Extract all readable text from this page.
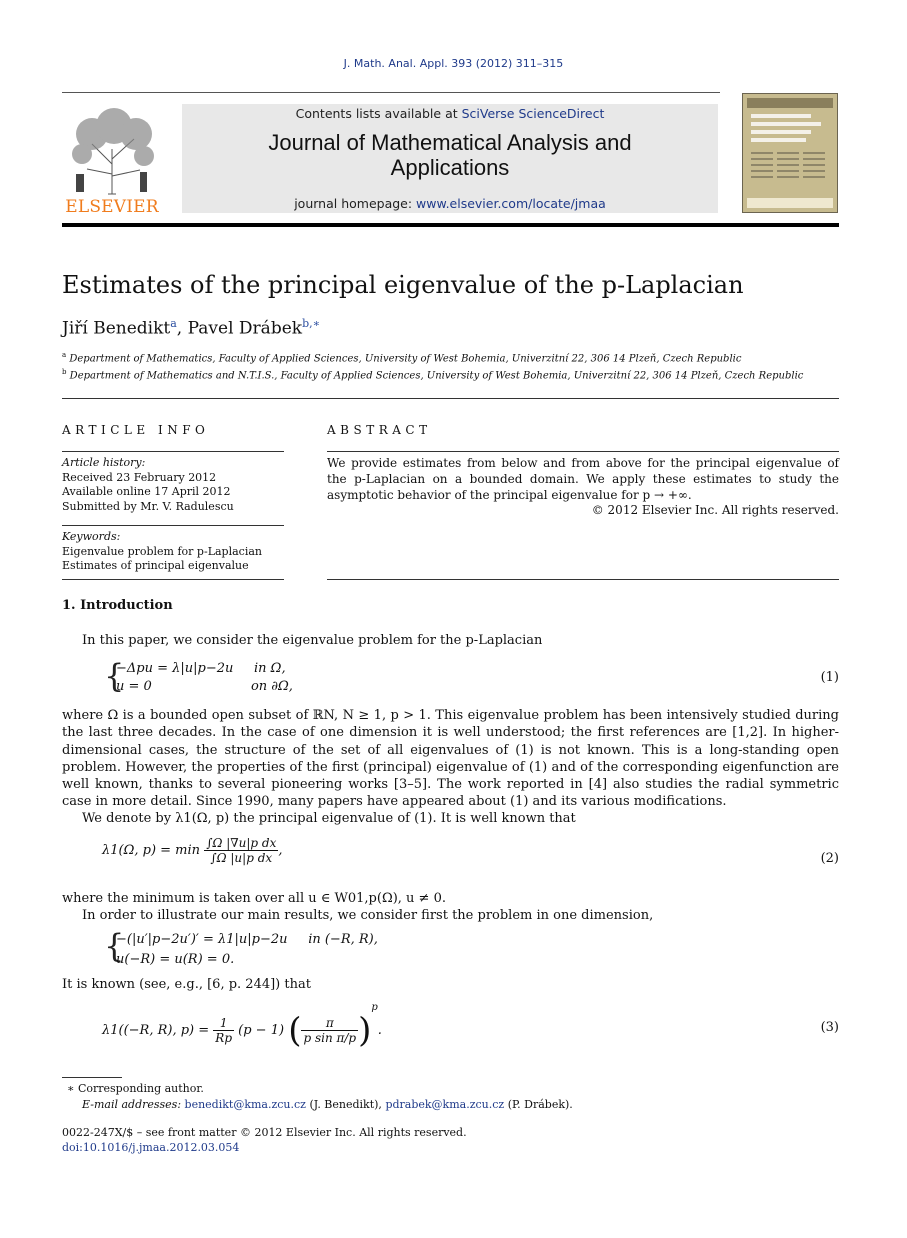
J. Math. Anal. Appl. 393 (2012) 311–315
ELSEVIER
Contents lists available at SciVerse ScienceDirect
Journal of Mathematical Analysis and
Applications
journal homepage: www.elsevier.com/locate/jmaa
Estimates of the principal eigenvalue of the p-Laplacian
Jiří Benedikt$^a$, Pavel Drábek$^{b,∗}$
$^a$ Department of Mathematics, Faculty of Applied Sciences, University of West Bohemia, Univerzitní 22, 306 14 Plzeň, Czech Republic
$^b$ Department of Mathematics and N.T.I.S., Faculty of Applied Sciences, University of West Bohemia, Univerzitní 22, 306 14 Plzeň, Czech Republic
ARTICLE INFO	ABSTRACT
Article history:
Received 23 February 2012
Available online 17 April 2012
Submitted by Mr. V. Radulescu
Keywords:
Eigenvalue problem for p-Laplacian
Estimates of principal eigenvalue
We provide estimates from below and from above for the principal eigenvalue of the p-Laplacian on a bounded domain. We apply these estimates to study the asymptotic behavior of the principal eigenvalue for p → +∞.
© 2012 Elsevier Inc. All rights reserved.
1. Introduction
In this paper, we consider the eigenvalue problem for the p-Laplacian
{
−Δpu = λ|u|p−2u     in Ω,
u = 0                        on ∂Ω,
(1)
where Ω is a bounded open subset of ℝN, N ≥ 1, p > 1. This eigenvalue problem has been intensively studied during the last three decades. In the case of one dimension it is well understood; the first references are [1,2]. In higher-dimensional cases, the structure of the set of all eigenvalues of (1) is not known. This is a long-standing open problem. However, the properties of the first (principal) eigenvalue of (1) and of the corresponding eigenfunction are well known, thanks to several pioneering works [3–5]. The work reported in [4] also studies the radial symmetric case in more detail. Since 1990, many papers have appeared about (1) and its various modifications.
We denote by λ1(Ω, p) the principal eigenvalue of (1). It is well known that
λ1(Ω, $p) = \min \frac{\text{∫Ω |∇u|p dx}}{\text{∫Ω |u|p dx}}$ ,
(2)
where the minimum is taken over all u ∈ W01,p(Ω), u ≠ 0.
In order to illustrate our main results, we consider first the problem in one dimension,
{
−(|u′|p−2u′)′ = λ1|u|p−2u     in (−R, R),
u(−R) = u(R) = 0.
It is known (see, e.g., [6, p. 244]) that
λ1((−R, R), $p) = \frac{1}{Rp} (p - 1)$ ( $\frac{\pi}{\text{p sin π/p}} )^p$.	(3)
∗ Corresponding author.
E-mail addresses: benedikt@kma.zcu.cz (J. Benedikt), pdrabek@kma.zcu.cz (P. Drábek).
0022-247X/$ – see front matter © 2012 Elsevier Inc. All rights reserved.
doi:10.1016/j.jmaa.2012.03.054
